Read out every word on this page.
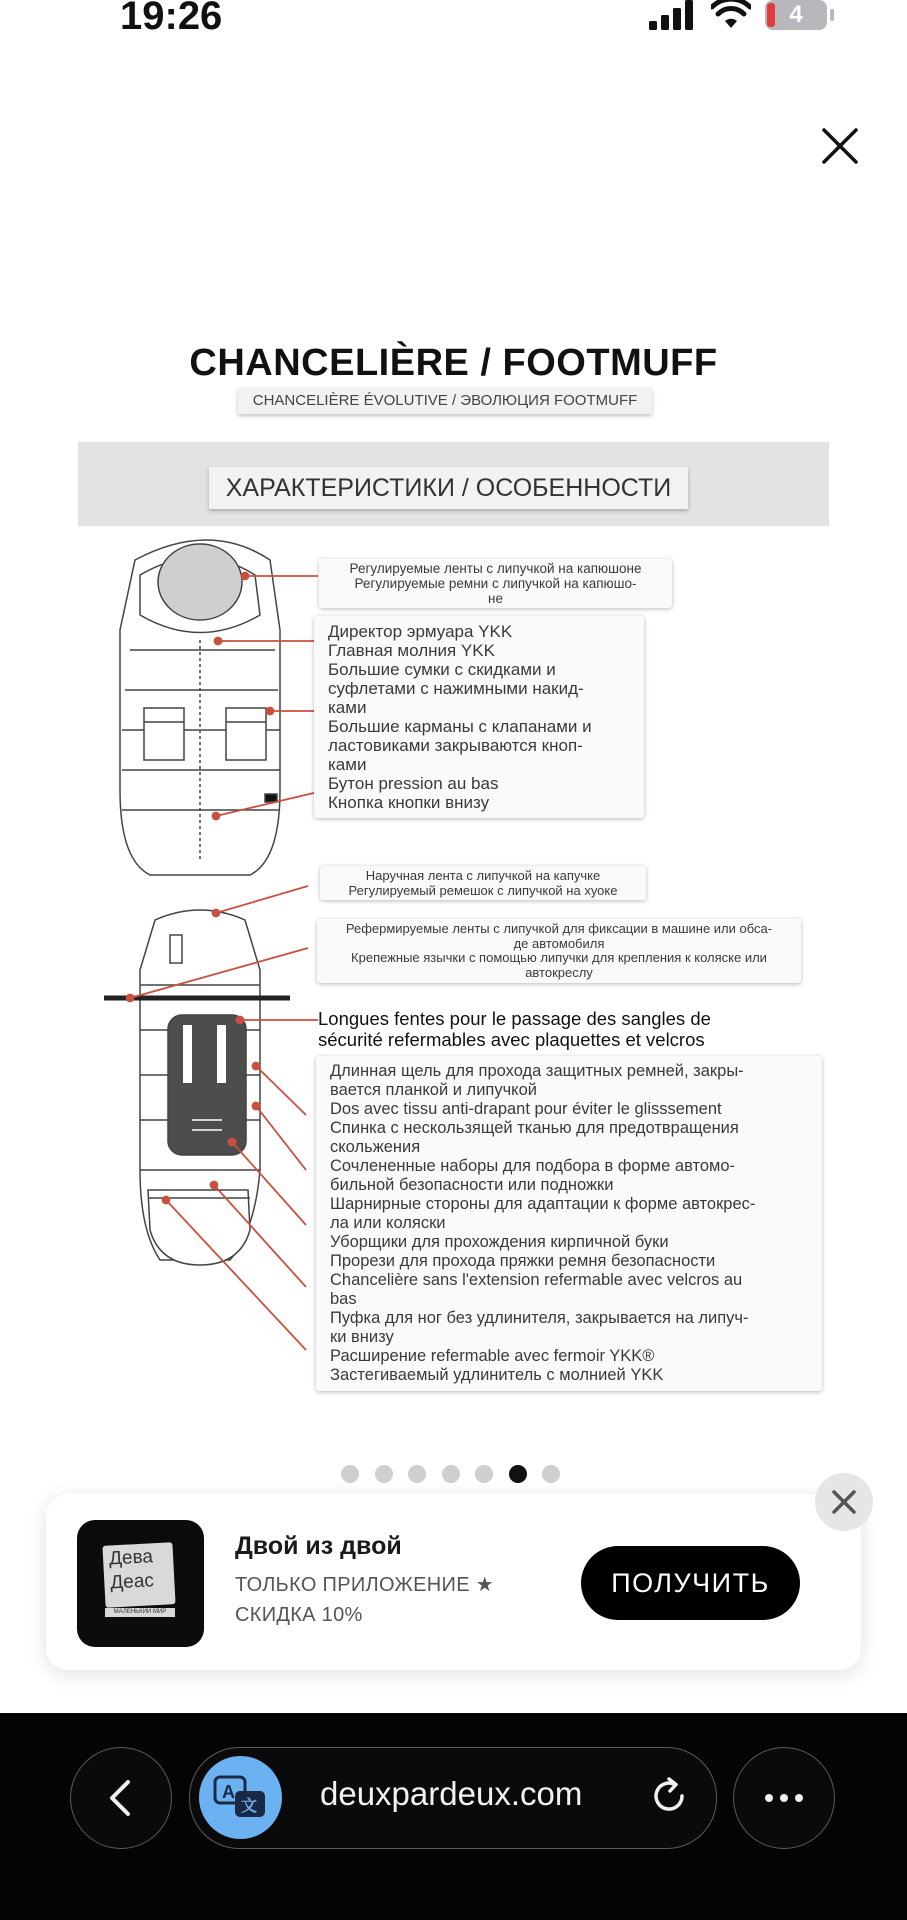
19:26	4
CHANCELIÈRE / FOOTMUFF
CHANCELIÈRE ÉVOLUTIVE / ЭВОЛЮЦИЯ FOOTMUFF
ХАРАКТЕРИСТИКИ / ОСОБЕННОСТИ
Регулируемые ленты с липучкой на капюшоне
Регулируемые ремни с липучкой на капюшо-
не
Директор эрмуара YKK
Главная молния YKK
Большие сумки с скидками и
суфлетами с нажимными накид-
ками
Большие карманы с клапанами и
ластовиками закрываются кноп-
ками
Бутон pression au bas
Кнопка кнопки внизу
Наручная лента с липучкой на капучке
Регулируемый ремешок с липучкой на хуоке
Рефермируемые ленты с липучкой для фиксации в машине или обса-
де автомобиля
Крепежные язычки с помощью липучки для крепления к коляске или
автокреслу
Longues fentes pour le passage des sangles de
sécurité refermables avec plaquettes et velcros
Длинная щель для прохода защитных ремней, закры-
вается планкой и липучкой
Dos avec tissu anti-drapant pour éviter le glisssement
Спинка с нескользящей тканью для предотвращения
скольжения
Сочлененные наборы для подбора в форме автомо-
бильной безопасности или подножки
Шарнирные стороны для адаптации к форме автокрес-
ла или коляски
Уборщики для прохождения кирпичной буки
Прорези для прохода пряжки ремня безопасности
Chancelière sans l'extension refermable avec velcros au
bas
Пуфка для ног без удлинителя, закрывается на липуч-
ки внизу
Расширение refermable avec fermoir YKK®
Застегиваемый удлинитель с молнией YKK
Дева
Деас
МАЛЕНЬКИЙ МИР
Двой из двой
ТОЛЬКО ПРИЛОЖЕНИЕ ★
СКИДКА 10%
ПОЛУЧИТЬ
A
文 deuxpardeux.com
